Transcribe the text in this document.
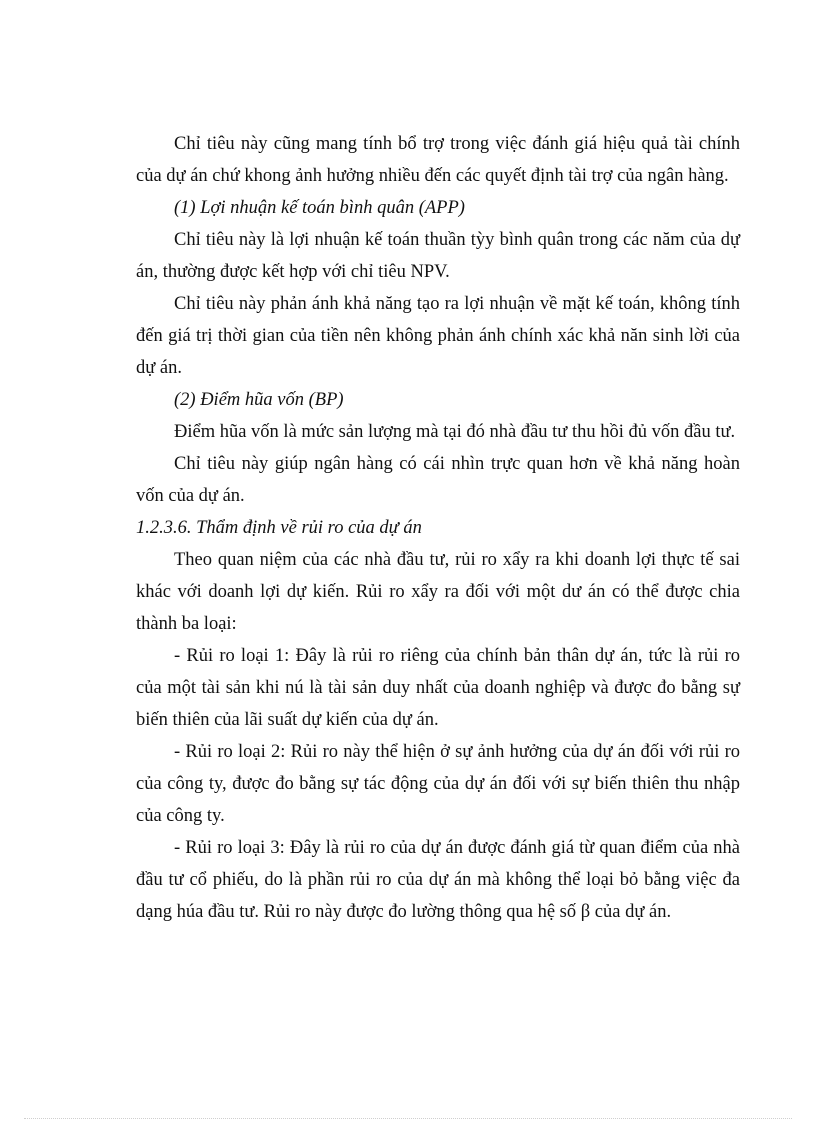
Chỉ tiêu này cũng mang tính bổ trợ trong việc đánh giá hiệu quả tài chính của dự án chứ khong ảnh hưởng nhiều đến các quyết định tài trợ của ngân hàng.

(1) Lợi nhuận kế toán bình quân (APP)

Chỉ tiêu này là lợi nhuận kế toán thuần tỳy bình quân trong các năm của dự án, thường được kết hợp với chỉ tiêu NPV.

Chỉ tiêu này phản ánh khả năng tạo ra lợi nhuận về mặt kế toán, không tính đến giá trị thời gian của tiền nên không phản ánh chính xác khả năn sinh lời của dự án.

(2) Điểm hũa vốn (BP)

Điểm hũa vốn là mức sản lượng mà tại đó nhà đầu tư thu hồi đủ vốn đầu tư.

Chỉ tiêu này giúp ngân hàng có cái nhìn trực quan hơn về khả năng hoàn vốn của dự án.

1.2.3.6. Thẩm định về rủi ro của dự án

Theo quan niệm của các nhà đầu tư, rủi ro xẩy ra khi doanh lợi thực tế sai khác với doanh lợi dự kiến. Rủi ro xẩy ra đối với một dư án có thể được chia thành ba loại:

- Rủi ro loại 1: Đây là rủi ro riêng của chính bản thân dự án, tức là rủi ro của một tài sản khi nú là tài sản duy nhất của doanh nghiệp và được đo bằng sự biến thiên của lãi suất dự kiến của dự án.

- Rủi ro loại 2: Rủi ro này thể hiện ở sự ảnh hưởng của dự án đối với rủi ro của công ty, được đo bằng sự tác động của dự án đối với sự biến thiên thu nhập của công ty.

- Rủi ro loại 3: Đây là rủi ro của dự án được đánh giá từ quan điểm của nhà đầu tư cổ phiếu, do là phần rủi ro của dự án mà không thể loại bỏ bằng việc đa dạng húa đầu tư. Rủi ro này được đo lường thông qua hệ số β của dự án.
